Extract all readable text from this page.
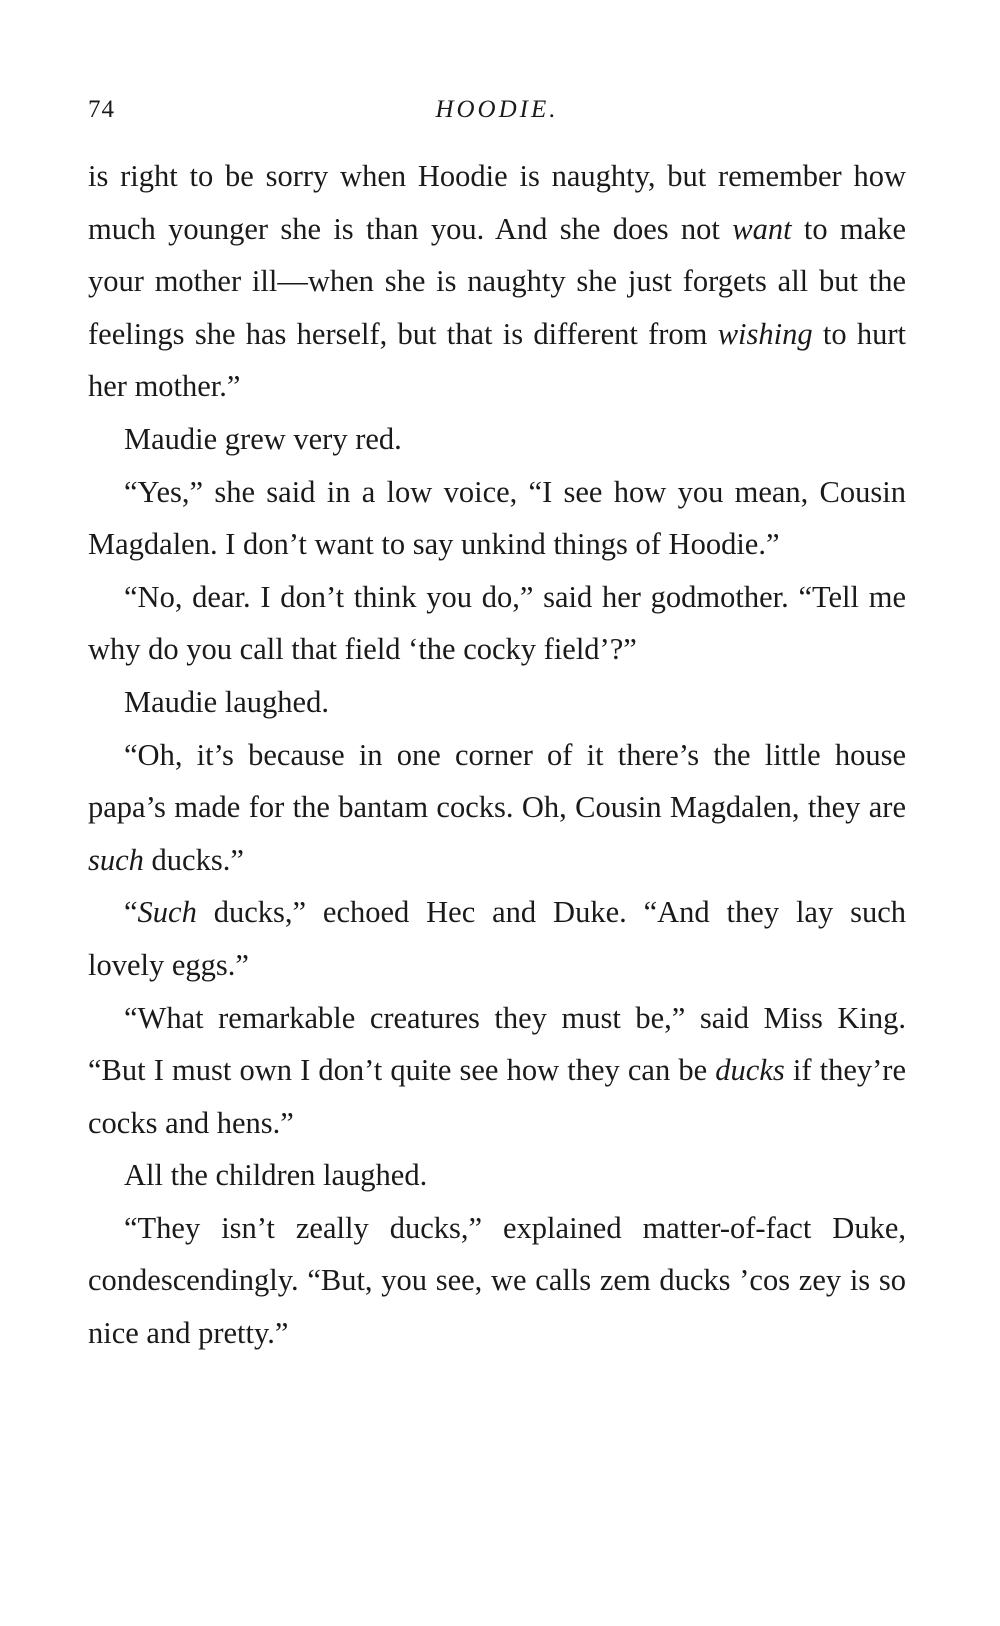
74	HOODIE.

is right to be sorry when Hoodie is naughty, but remember how much younger she is than you. And she does not want to make your mother ill—when she is naughty she just forgets all but the feelings she has herself, but that is different from wishing to hurt her mother.”

Maudie grew very red.

“Yes,” she said in a low voice, “I see how you mean, Cousin Magdalen. I don’t want to say unkind things of Hoodie.”

“No, dear. I don’t think you do,” said her godmother. “Tell me why do you call that field ‘the cocky field’?”

Maudie laughed.

“Oh, it’s because in one corner of it there’s the little house papa’s made for the bantam cocks. Oh, Cousin Magdalen, they are such ducks.”

“Such ducks,” echoed Hec and Duke. “And they lay such lovely eggs.”

“What remarkable creatures they must be,” said Miss King. “But I must own I don’t quite see how they can be ducks if they’re cocks and hens.”

All the children laughed.

“They isn’t zeally ducks,” explained matter-of-fact Duke, condescendingly. “But, you see, we calls zem ducks ’cos zey is so nice and pretty.”
